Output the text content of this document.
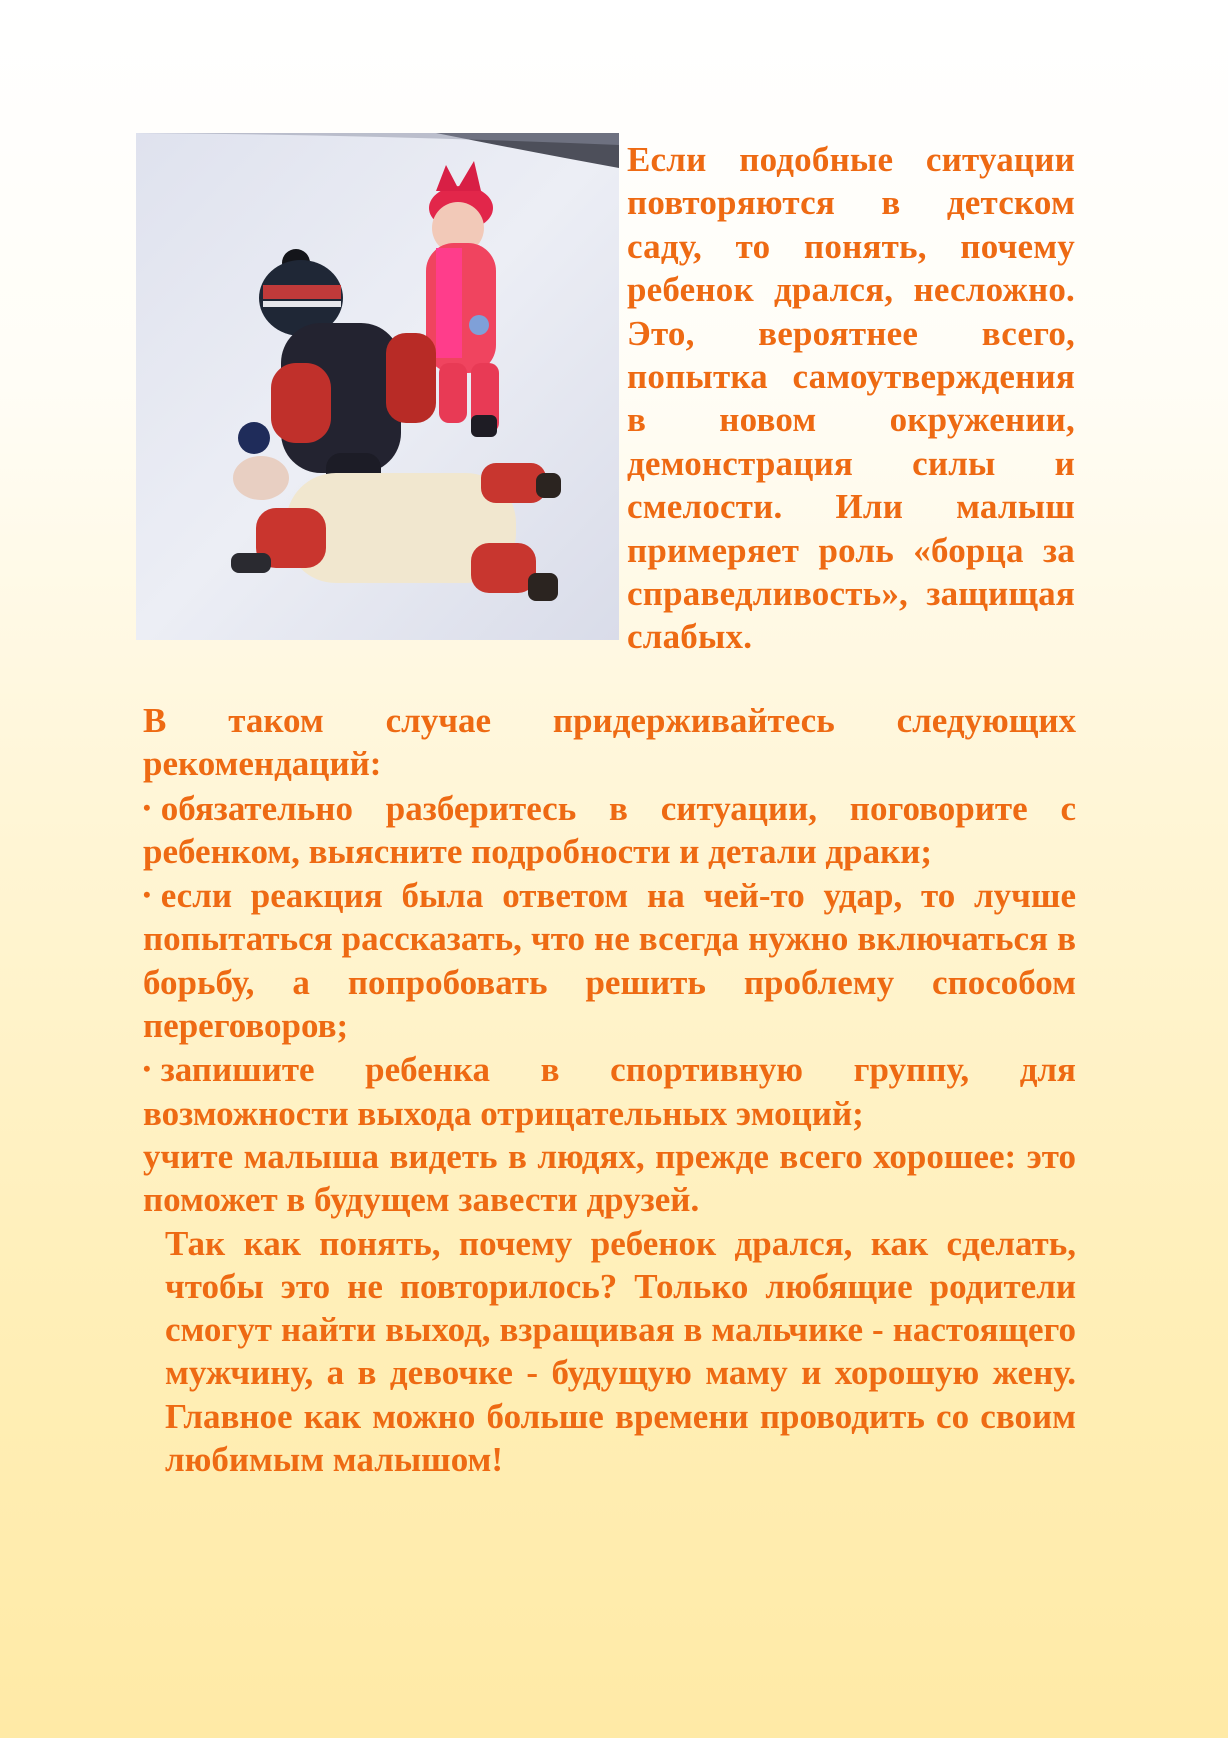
Если подобные ситуации повторяются в детском саду, то понять, почему ребенок дрался, несложно. Это, вероятнее всего, попытка самоутверждения в новом окружении, демонстрация силы и смелости. Или малыш примеряет роль «борца за справедливость», защищая слабых.

В таком случае придерживайтесь следующих рекомендаций:

• обязательно разберитесь в ситуации, поговорите с ребенком, выясните подробности и детали драки;

• если реакция была ответом на чей-то удар, то лучше попытаться рассказать, что не всегда нужно включаться в борьбу, а попробовать решить проблему способом переговоров;

• запишите ребенка в спортивную группу, для возможности выхода отрицательных эмоций;

учите малыша видеть в людях, прежде всего хорошее: это поможет в будущем завести друзей.

Так как понять, почему ребенок дрался, как сделать, чтобы это не повторилось? Только любящие родители смогут найти выход, взращивая в мальчике - настоящего мужчину, а в девочке - будущую маму и хорошую жену. Главное как можно больше времени проводить со своим любимым малышом!
